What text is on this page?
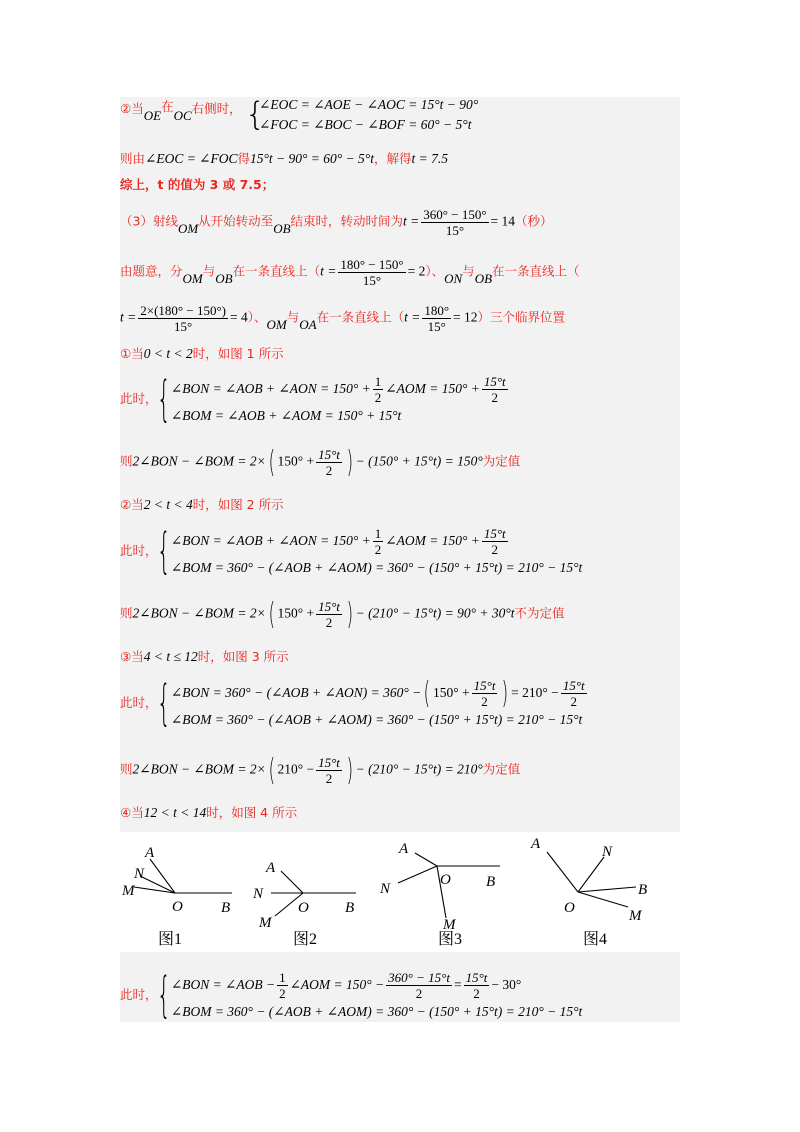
②当OE在OC右侧时， {
∠EOC = ∠AOE − ∠AOC = 15°t − 90°
∠FOC = ∠BOC − ∠BOF = 60° − 5°t
则由∠EOC = ∠FOC得15°t − 90° = 60° − 5°t，解得t = 7.5
综上，t 的值为 3 或 7.5；
（3）射线OM从开始转动至OB结束时，转动时间为$t = \frac{360^\circ - 150^\circ}{15^\circ} = 14$（秒）
由题意，分OM与OB在一条直线上$(t = \frac{180^\circ - 150^\circ}{15^\circ} = 2)$、ON与OB在一条直线上（
$t = \frac{2\times(180^\circ - 150^\circ)}{15^\circ} = 4$）、OM与OA在一条直线上$(t = \frac{180^\circ}{15^\circ} = 12)$三个临界位置
①当0 < t < 2时，如图 1 所示
此时， { ∠BON = ∠AOB + ∠AON = $150^\circ + \frac{1}{2}$ ∠AOM = $150^\circ + \frac{15^\circ t}{2}$
∠BOM = ∠AOB + ∠AOM = 150° + 15°t
则2∠BON − ∠BOM = 2×( $150^\circ + \frac{15^\circ t}{2}$ ) − (150° + 15°t) = 150°为定值
②当2 < t < 4时，如图 2 所示
此时， { ∠BON = ∠AOB + ∠AON = $150^\circ + \frac{1}{2}$ ∠AOM = $150^\circ + \frac{15^\circ t}{2}$
∠BOM = 360° − (∠AOB + ∠AOM) = 360° − (150° + 15°t) = 210° − 15°t
则2∠BON − ∠BOM = 2×( $150^\circ + \frac{15^\circ t}{2}$ ) − (210° − 15°t) = 90° + 30°t不为定值
③当4 < t ≤ 12时，如图 3 所示
此时， { ∠BON = 360° − (∠AOB + ∠AON) = 360° −( $150^\circ + \frac{15^\circ t}{2}$ ) = $210^\circ - \frac{15^\circ t}{2}$
∠BOM = 360° − (∠AOB + ∠AOM) = 360° − (150° + 15°t) = 210° − 15°t
则2∠BON − ∠BOM = 2×( $210^\circ - \frac{15^\circ t}{2}$ ) − (210° − 15°t) = 210°为定值
④当12 < t < 14时，如图 4 所示
A
N
M
O	B
A
N
M
O B
A
N
M
O B
A	N
M
O
B
图1	图2	图3	图4
此时， { ∠BON = ∠AOB − $\frac{1}{2}$ ∠AOM = $150^\circ - \frac{360^\circ - 15^\circ t}{2} = \frac{15^\circ t}{2} - 30^\circ$
∠BOM = 360° − (∠AOB + ∠AOM) = 360° − (150° + 15°t) = 210° − 15°t
